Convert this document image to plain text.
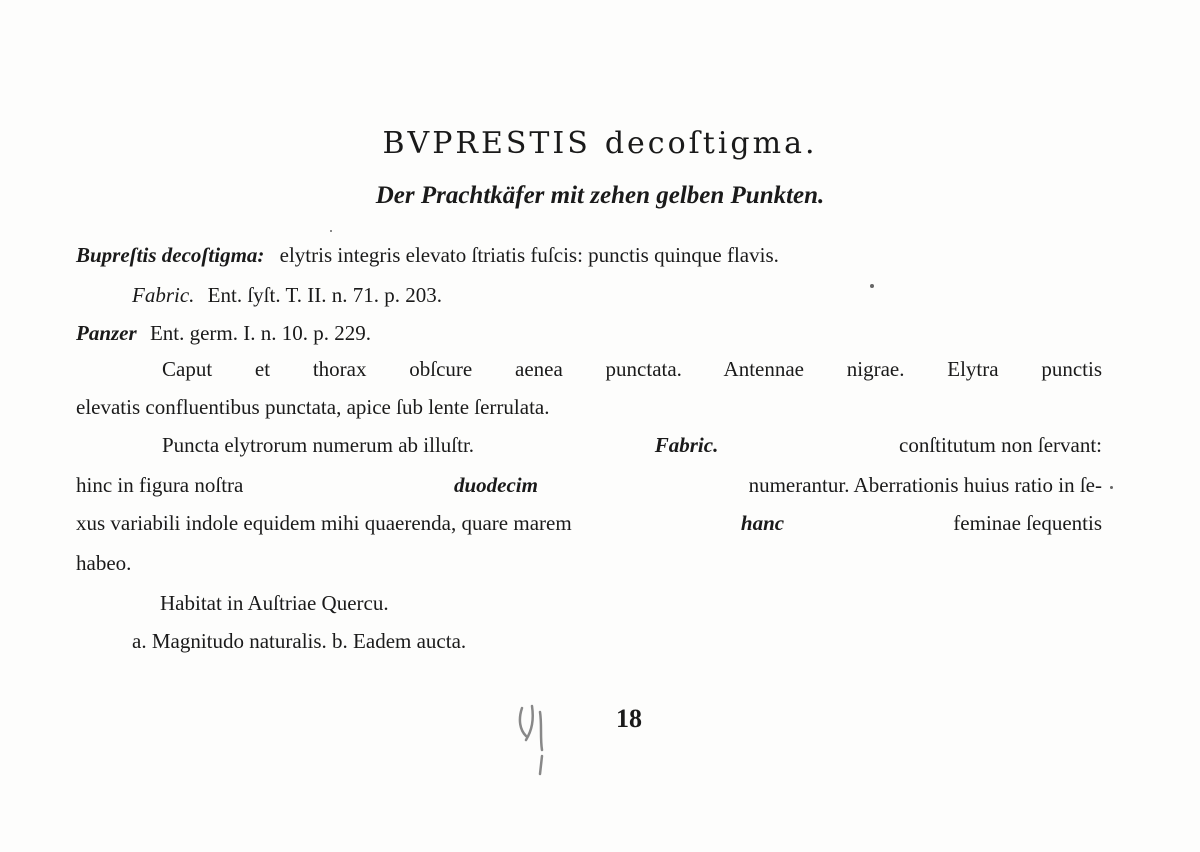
BVPRESTIS decoſtigma.
Der Prachtkäfer mit zehen gelben Punkten.
Bupreſtis decoſtigma: elytris integris elevato ſtriatis fuſcis: punctis quinque flavis.
Fabric. Ent. ſyſt. T. II. n. 71. p. 203.
Panzer Ent. germ. I. n. 10. p. 229.
Caput et thorax obſcure aenea punctata. Antennae nigrae. Elytra punctis
elevatis confluentibus punctata, apice ſub lente ſerrulata.
Puncta elytrorum numerum ab illuſtr.	Fabric.	conſtitutum non ſervant:
hinc in figura noſtra	duodecim	numerantur. Aberrationis huius ratio in ſe-
xus variabili indole equidem mihi quaerenda, quare marem	hanc	feminae ſequentis
habeo.
Habitat in Auſtriae Quercu.
a. Magnitudo naturalis. b. Eadem aucta.
18
